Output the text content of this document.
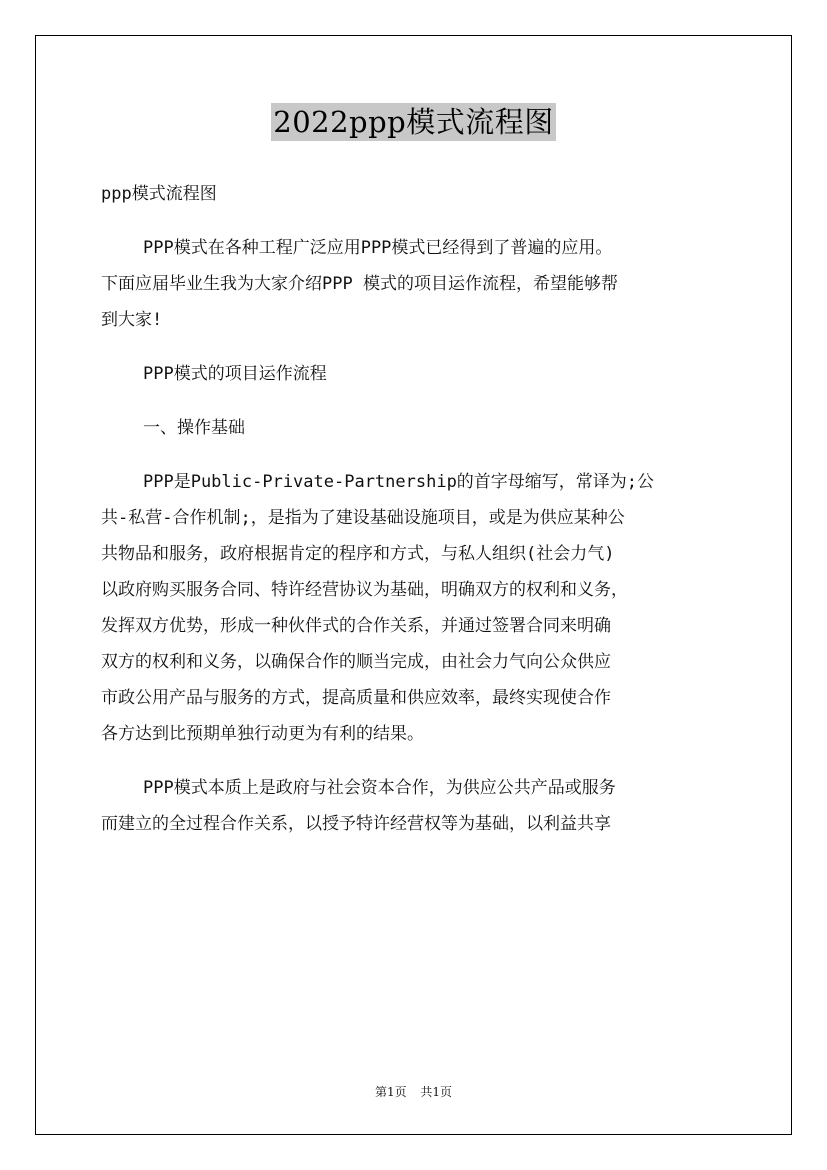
2022ppp模式流程图

ppp模式流程图

PPP模式在各种工程广泛应用PPP模式已经得到了普遍的应用。
下面应届毕业生我为大家介绍PPP 模式的项目运作流程，希望能够帮
到大家!

PPP模式的项目运作流程

一、操作基础

PPP是Public-Private-Partnership的首字母缩写，常译为;公
共-私营-合作机制;，是指为了建设基础设施项目，或是为供应某种公
共物品和服务，政府根据肯定的程序和方式，与私人组织(社会力气)
以政府购买服务合同、特许经营协议为基础，明确双方的权利和义务，
发挥双方优势，形成一种伙伴式的合作关系，并通过签署合同来明确
双方的权利和义务，以确保合作的顺当完成，由社会力气向公众供应
市政公用产品与服务的方式，提高质量和供应效率，最终实现使合作
各方达到比预期单独行动更为有利的结果。

PPP模式本质上是政府与社会资本合作，为供应公共产品或服务
而建立的全过程合作关系，以授予特许经营权等为基础，以利益共享

第1页 共1页
